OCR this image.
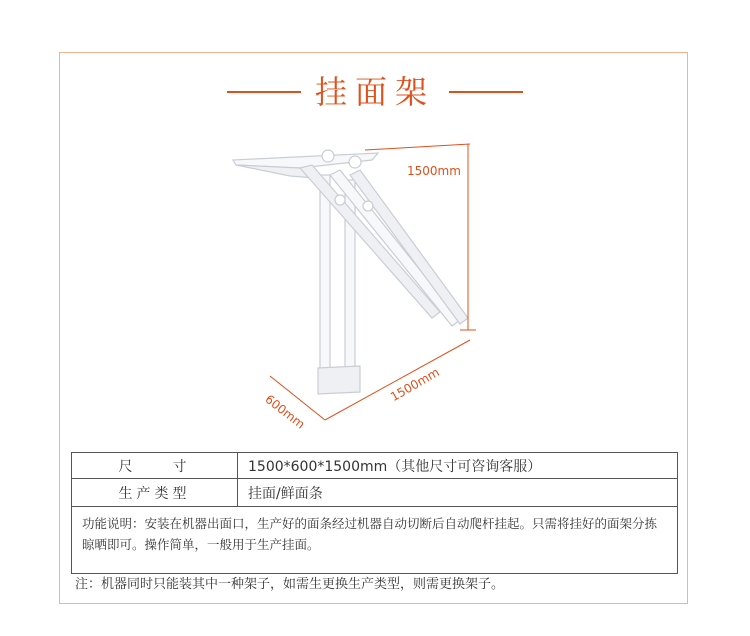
挂面架
1500mm
600mm
1500mm
尺　　寸	1500*600*1500mm（其他尺寸可咨询客服）
生产类型	挂面/鲜面条
功能说明：安装在机器出面口，生产好的面条经过机器自动切断后自动爬杆挂起。只需将挂好的面架分拣晾晒即可。操作简单，一般用于生产挂面。	
注：机器同时只能装其中一种架子，如需生更换生产类型，则需更换架子。
